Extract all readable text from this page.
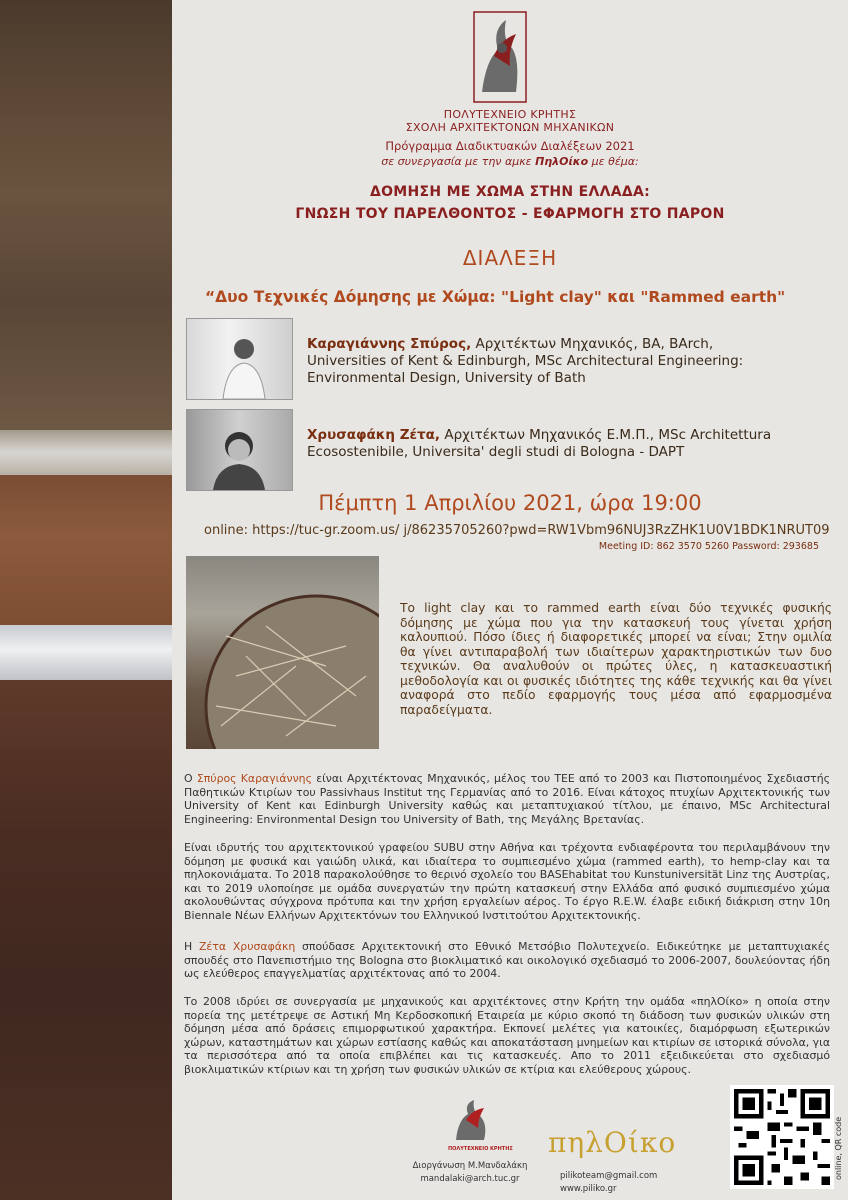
ΠΟΛΥΤΕΧΝΕΙΟ ΚΡΗΤΗΣ
ΣΧΟΛΗ ΑΡΧΙΤΕΚΤΟΝΩΝ ΜΗΧΑΝΙΚΩΝ
Πρόγραμμα Διαδικτυακών Διαλέξεων 2021
σε συνεργασία με την αμκε ΠηλΟίκο με θέμα:
ΔΟΜΗΣΗ ΜΕ ΧΩΜΑ ΣΤΗΝ ΕΛΛΑΔΑ:
ΓΝΩΣΗ ΤΟΥ ΠΑΡΕΛΘΟΝΤΟΣ - ΕΦΑΡΜΟΓΗ ΣΤΟ ΠΑΡΟΝ
ΔΙΑΛΕΞΗ
“Δυο Τεχνικές Δόμησης με Χώμα: "Light clay" και "Rammed earth"
Καραγιάννης Σπύρος, Αρχιτέκτων Μηχανικός, BA, BArch,
Universities of Kent & Edinburgh, MSc Architectural Engineering:
Environmental Design, University of Bath
Χρυσαφάκη Ζέτα, Αρχιτέκτων Μηχανικός Ε.Μ.Π., MSc Architettura
Ecosostenibile, Universita' degli studi di Bologna - DAPT
Πέμπτη 1 Απριλίου 2021, ώρα 19:00
online: https://tuc-gr.zoom.us/ j/86235705260?pwd=RW1Vbm96NUJ3RzZHK1U0V1BDK1NRUT09
Meeting ID: 862 3570 5260 Password: 293685
Το light clay και το rammed earth είναι δύο τεχνικές φυσικής δόμησης με χώμα που για την κατασκευή τους γίνεται χρήση καλουπιού. Πόσο ίδιες ή διαφορετικές μπορεί να είναι; Στην ομιλία θα γίνει αντιπαραβολή των ιδιαίτερων χαρακτηριστικών των δυο τεχνικών. Θα αναλυθούν οι πρώτες ύλες, η κατασκευαστική μεθοδολογία και οι φυσικές ιδιότητες της κάθε τεχνικής και θα γίνει αναφορά στο πεδίο εφαρμογής τους μέσα από εφαρμοσμένα παραδείγματα.

Ο Σπύρος Καραγιάννης είναι Αρχιτέκτονας Μηχανικός, μέλος του ΤΕΕ από το 2003 και Πιστοποιημένος Σχεδιαστής Παθητικών Κτιρίων του Passivhaus Institut της Γερμανίας από το 2016. Είναι κάτοχος πτυχίων Αρχιτεκτονικής των University of Kent και Edinburgh University καθώς και μεταπτυχιακού τίτλου, με έπαινο, MSc Architectural Engineering: Environmental Design του University of Bath, της Μεγάλης Βρετανίας.

Είναι ιδρυτής του αρχιτεκτονικού γραφείου SUBU στην Αθήνα και τρέχοντα ενδιαφέροντα του περιλαμβάνουν την δόμηση με φυσικά και γαιώδη υλικά, και ιδιαίτερα το συμπιεσμένο χώμα (rammed earth), το hemp-clay και τα πηλοκονιάματα. Το 2018 παρακολούθησε το θερινό σχολείο του BASEhabitat του Kunstuniversität Linz της Αυστρίας, και το 2019 υλοποίησε με ομάδα συνεργατών την πρώτη κατασκευή στην Ελλάδα από φυσικό συμπιεσμένο χώμα ακολουθώντας σύγχρονα πρότυπα και την χρήση εργαλείων αέρος. Το έργο R.E.W. έλαβε ειδική διάκριση στην 10η Biennale Νέων Ελλήνων Αρχιτεκτόνων του Ελληνικού Ινστιτούτου Αρχιτεκτονικής.

Η Ζέτα Χρυσαφάκη σπούδασε Αρχιτεκτονική στο Εθνικό Μετσόβιο Πολυτεχνείο. Ειδικεύτηκε με μεταπτυχιακές σπουδές στο Πανεπιστήμιο της Bologna στο βιοκλιματικό και οικολογικό σχεδιασμό το 2006-2007, δουλεύοντας ήδη ως ελεύθερος επαγγελματίας αρχιτέκτονας από το 2004.

Το 2008 ιδρύει σε συνεργασία με μηχανικούς και αρχιτέκτονες στην Κρήτη την ομάδα «πηλΟίκο» η οποία στην πορεία της μετέτρεψε σε Αστική Μη Κερδοσκοπική Εταιρεία με κύριο σκοπό τη διάδοση των φυσικών υλικών στη δόμηση μέσα από δράσεις επιμορφωτικού χαρακτήρα. Εκπονεί μελέτες για κατοικίες, διαμόρφωση εξωτερικών χώρων, καταστημάτων και χώρων εστίασης καθώς και αποκατάσταση μνημείων και κτιρίων σε ιστορικά σύνολα, για τα περισσότερα από τα οποία επιβλέπει και τις κατασκευές. Απο το 2011 εξειδικεύεται στο σχεδιασμό βιοκλιματικών κτίριων και τη χρήση των φυσικών υλικών σε κτίρια και ελεύθερους χώρους.

ΠΟΛΥΤΕΧΝΕΙΟ ΚΡΗΤΗΣ
Διοργάνωση Μ.Μανδαλάκη
mandalaki@arch.tuc.gr
πηλΟίκο
pilikoteam@gmail.com
www.piliko.gr
online, QR code
